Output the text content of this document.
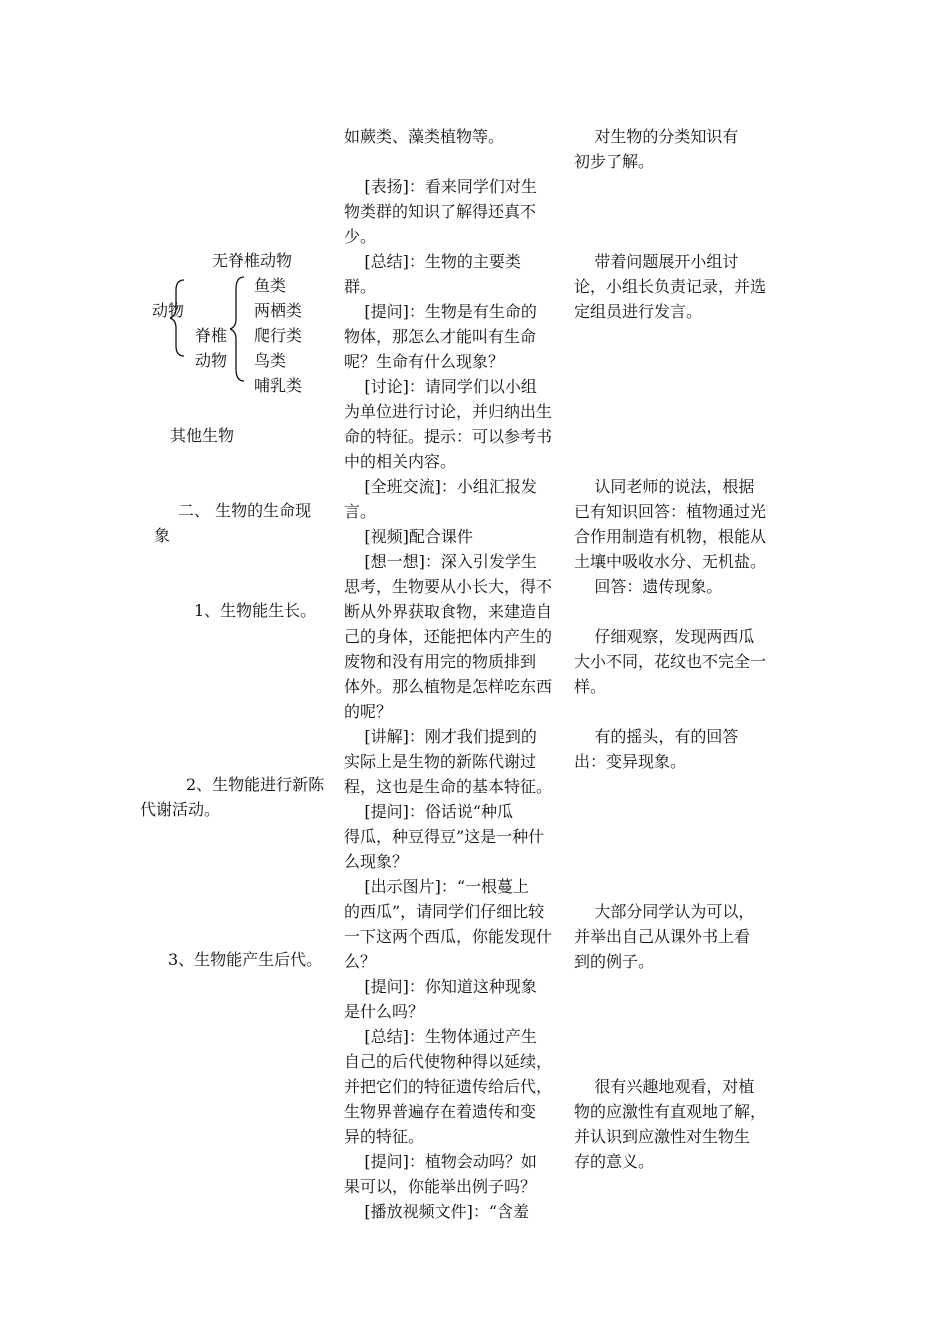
无脊椎动物
动物
脊椎
动物
鱼类
两栖类
爬行类
鸟类
哺乳类
其他生物
二、 生物的生命现
象
1、生物能生长。
2、生物能进行新陈
代谢活动。
3、生物能产生后代。

如蕨类、藻类植物等。

[表扬]：看来同学们对生

物类群的知识了解得还真不

少。

[总结]：生物的主要类

群。

[提问]：生物是有生命的

物体，那怎么才能叫有生命

呢？生命有什么现象？

[讨论]：请同学们以小组

为单位进行讨论，并归纳出生

命的特征。提示：可以参考书

中的相关内容。

[全班交流]：小组汇报发

言。

[视频]配合课件

[想一想]：深入引发学生

思考，生物要从小长大，得不

断从外界获取食物，来建造自

己的身体，还能把体内产生的

废物和没有用完的物质排到

体外。那么植物是怎样吃东西

的呢？

[讲解]：刚才我们提到的

实际上是生物的新陈代谢过

程，这也是生命的基本特征。

[提问]：俗话说“种瓜

得瓜，种豆得豆”这是一种什

么现象？

[出示图片]：“一根蔓上

的西瓜”，请同学们仔细比较

一下这两个西瓜，你能发现什

么？

[提问]：你知道这种现象

是什么吗？

[总结]：生物体通过产生

自己的后代使物种得以延续，

并把它们的特征遗传给后代，

生物界普遍存在着遗传和变

异的特征。

[提问]：植物会动吗？如

果可以，你能举出例子吗？

[播放视频文件]：“含羞

对生物的分类知识有

初步了解。

带着问题展开小组讨

论，小组长负责记录，并选

定组员进行发言。

认同老师的说法，根据

已有知识回答：植物通过光

合作用制造有机物，根能从

土壤中吸收水分、无机盐。

回答：遗传现象。

仔细观察，发现两西瓜

大小不同，花纹也不完全一

样。

有的摇头，有的回答

出：变异现象。

大部分同学认为可以，

并举出自己从课外书上看

到的例子。

很有兴趣地观看，对植

物的应激性有直观地了解，

并认识到应激性对生物生

存的意义。
